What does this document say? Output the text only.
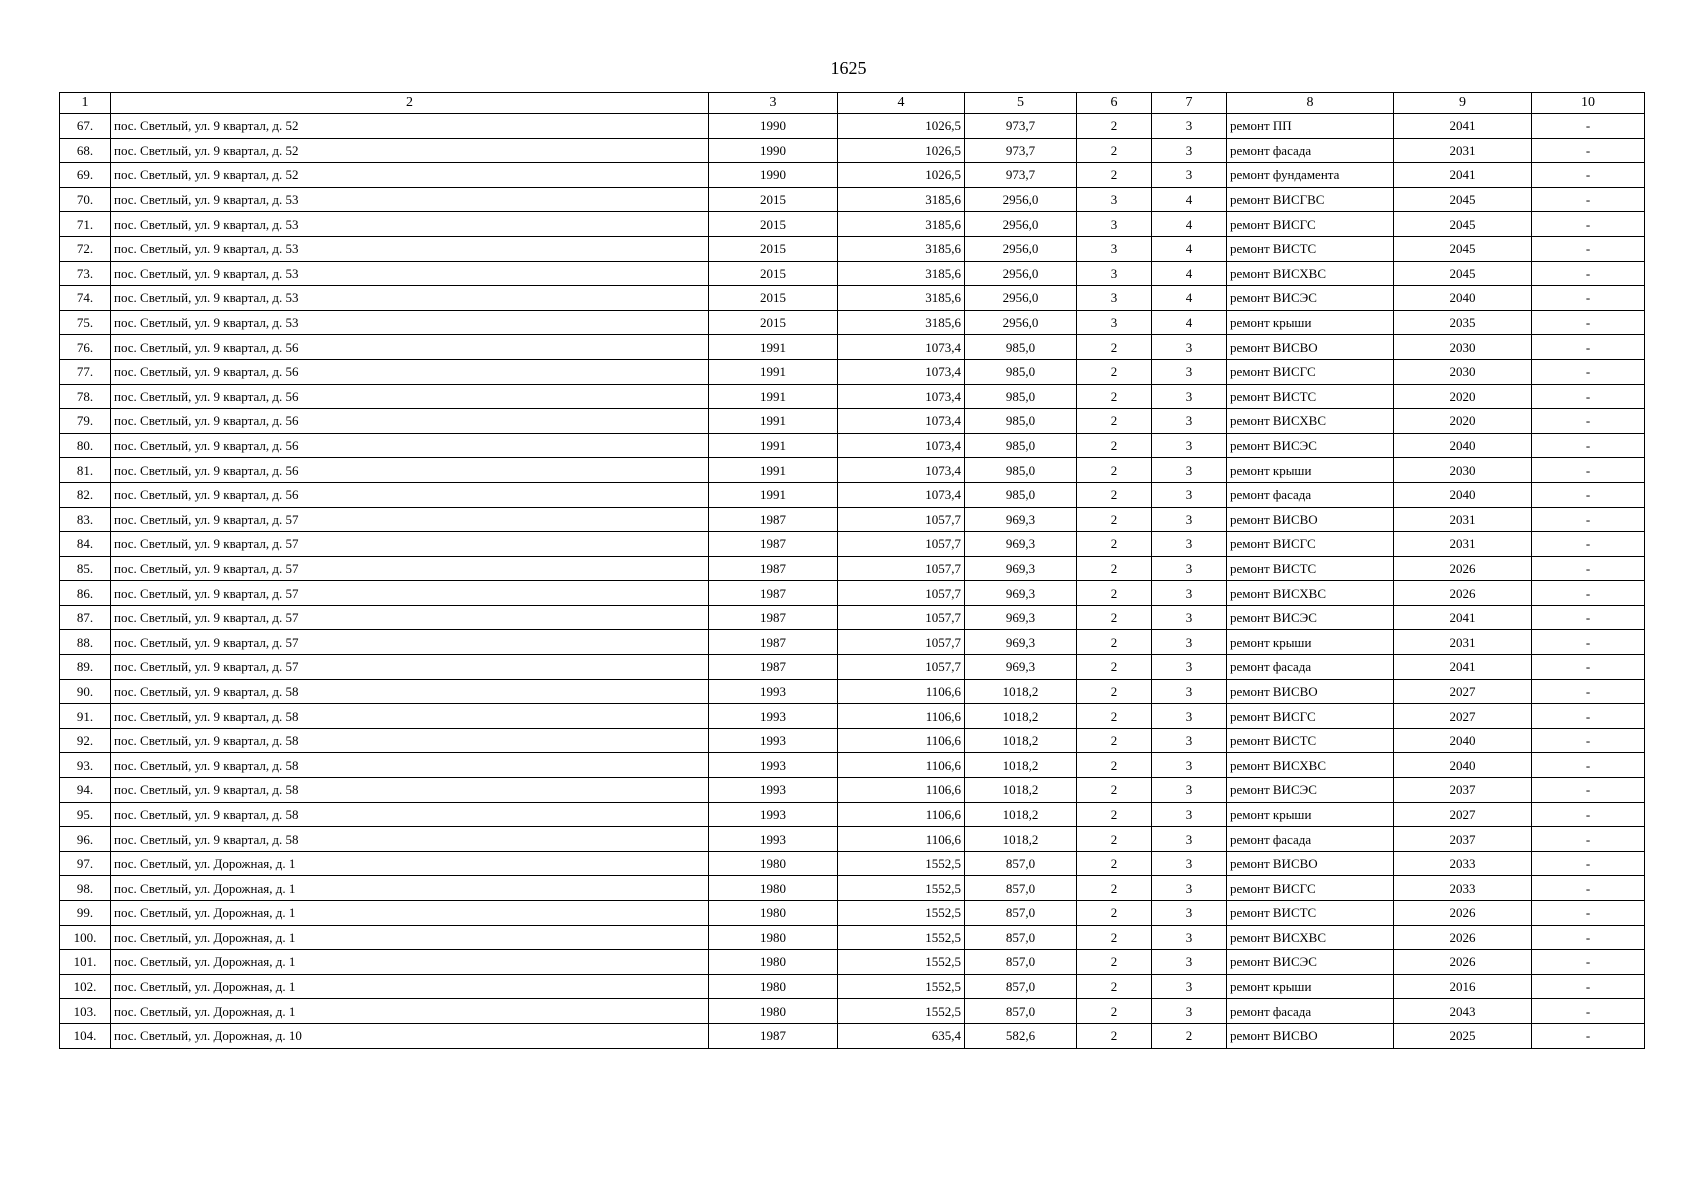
1625
1	2	3	4	5	6	7	8	9	10
67.	пос. Светлый, ул. 9 квартал, д. 52	1990	1026,5	973,7	2	3	ремонт ПП	2041	-
68.	пос. Светлый, ул. 9 квартал, д. 52	1990	1026,5	973,7	2	3	ремонт фасада	2031	-
69.	пос. Светлый, ул. 9 квартал, д. 52	1990	1026,5	973,7	2	3	ремонт фундамента	2041	-
70.	пос. Светлый, ул. 9 квартал, д. 53	2015	3185,6	2956,0	3	4	ремонт ВИСГВС	2045	-
71.	пос. Светлый, ул. 9 квартал, д. 53	2015	3185,6	2956,0	3	4	ремонт ВИСГС	2045	-
72.	пос. Светлый, ул. 9 квартал, д. 53	2015	3185,6	2956,0	3	4	ремонт ВИСТС	2045	-
73.	пос. Светлый, ул. 9 квартал, д. 53	2015	3185,6	2956,0	3	4	ремонт ВИСХВС	2045	-
74.	пос. Светлый, ул. 9 квартал, д. 53	2015	3185,6	2956,0	3	4	ремонт ВИСЭС	2040	-
75.	пос. Светлый, ул. 9 квартал, д. 53	2015	3185,6	2956,0	3	4	ремонт крыши	2035	-
76.	пос. Светлый, ул. 9 квартал, д. 56	1991	1073,4	985,0	2	3	ремонт ВИСВО	2030	-
77.	пос. Светлый, ул. 9 квартал, д. 56	1991	1073,4	985,0	2	3	ремонт ВИСГС	2030	-
78.	пос. Светлый, ул. 9 квартал, д. 56	1991	1073,4	985,0	2	3	ремонт ВИСТС	2020	-
79.	пос. Светлый, ул. 9 квартал, д. 56	1991	1073,4	985,0	2	3	ремонт ВИСХВС	2020	-
80.	пос. Светлый, ул. 9 квартал, д. 56	1991	1073,4	985,0	2	3	ремонт ВИСЭС	2040	-
81.	пос. Светлый, ул. 9 квартал, д. 56	1991	1073,4	985,0	2	3	ремонт крыши	2030	-
82.	пос. Светлый, ул. 9 квартал, д. 56	1991	1073,4	985,0	2	3	ремонт фасада	2040	-
83.	пос. Светлый, ул. 9 квартал, д. 57	1987	1057,7	969,3	2	3	ремонт ВИСВО	2031	-
84.	пос. Светлый, ул. 9 квартал, д. 57	1987	1057,7	969,3	2	3	ремонт ВИСГС	2031	-
85.	пос. Светлый, ул. 9 квартал, д. 57	1987	1057,7	969,3	2	3	ремонт ВИСТС	2026	-
86.	пос. Светлый, ул. 9 квартал, д. 57	1987	1057,7	969,3	2	3	ремонт ВИСХВС	2026	-
87.	пос. Светлый, ул. 9 квартал, д. 57	1987	1057,7	969,3	2	3	ремонт ВИСЭС	2041	-
88.	пос. Светлый, ул. 9 квартал, д. 57	1987	1057,7	969,3	2	3	ремонт крыши	2031	-
89.	пос. Светлый, ул. 9 квартал, д. 57	1987	1057,7	969,3	2	3	ремонт фасада	2041	-
90.	пос. Светлый, ул. 9 квартал, д. 58	1993	1106,6	1018,2	2	3	ремонт ВИСВО	2027	-
91.	пос. Светлый, ул. 9 квартал, д. 58	1993	1106,6	1018,2	2	3	ремонт ВИСГС	2027	-
92.	пос. Светлый, ул. 9 квартал, д. 58	1993	1106,6	1018,2	2	3	ремонт ВИСТС	2040	-
93.	пос. Светлый, ул. 9 квартал, д. 58	1993	1106,6	1018,2	2	3	ремонт ВИСХВС	2040	-
94.	пос. Светлый, ул. 9 квартал, д. 58	1993	1106,6	1018,2	2	3	ремонт ВИСЭС	2037	-
95.	пос. Светлый, ул. 9 квартал, д. 58	1993	1106,6	1018,2	2	3	ремонт крыши	2027	-
96.	пос. Светлый, ул. 9 квартал, д. 58	1993	1106,6	1018,2	2	3	ремонт фасада	2037	-
97.	пос. Светлый, ул. Дорожная, д. 1	1980	1552,5	857,0	2	3	ремонт ВИСВО	2033	-
98.	пос. Светлый, ул. Дорожная, д. 1	1980	1552,5	857,0	2	3	ремонт ВИСГС	2033	-
99.	пос. Светлый, ул. Дорожная, д. 1	1980	1552,5	857,0	2	3	ремонт ВИСТС	2026	-
100.	пос. Светлый, ул. Дорожная, д. 1	1980	1552,5	857,0	2	3	ремонт ВИСХВС	2026	-
101.	пос. Светлый, ул. Дорожная, д. 1	1980	1552,5	857,0	2	3	ремонт ВИСЭС	2026	-
102.	пос. Светлый, ул. Дорожная, д. 1	1980	1552,5	857,0	2	3	ремонт крыши	2016	-
103.	пос. Светлый, ул. Дорожная, д. 1	1980	1552,5	857,0	2	3	ремонт фасада	2043	-
104.	пос. Светлый, ул. Дорожная, д. 10	1987	635,4	582,6	2	2	ремонт ВИСВО	2025	-
